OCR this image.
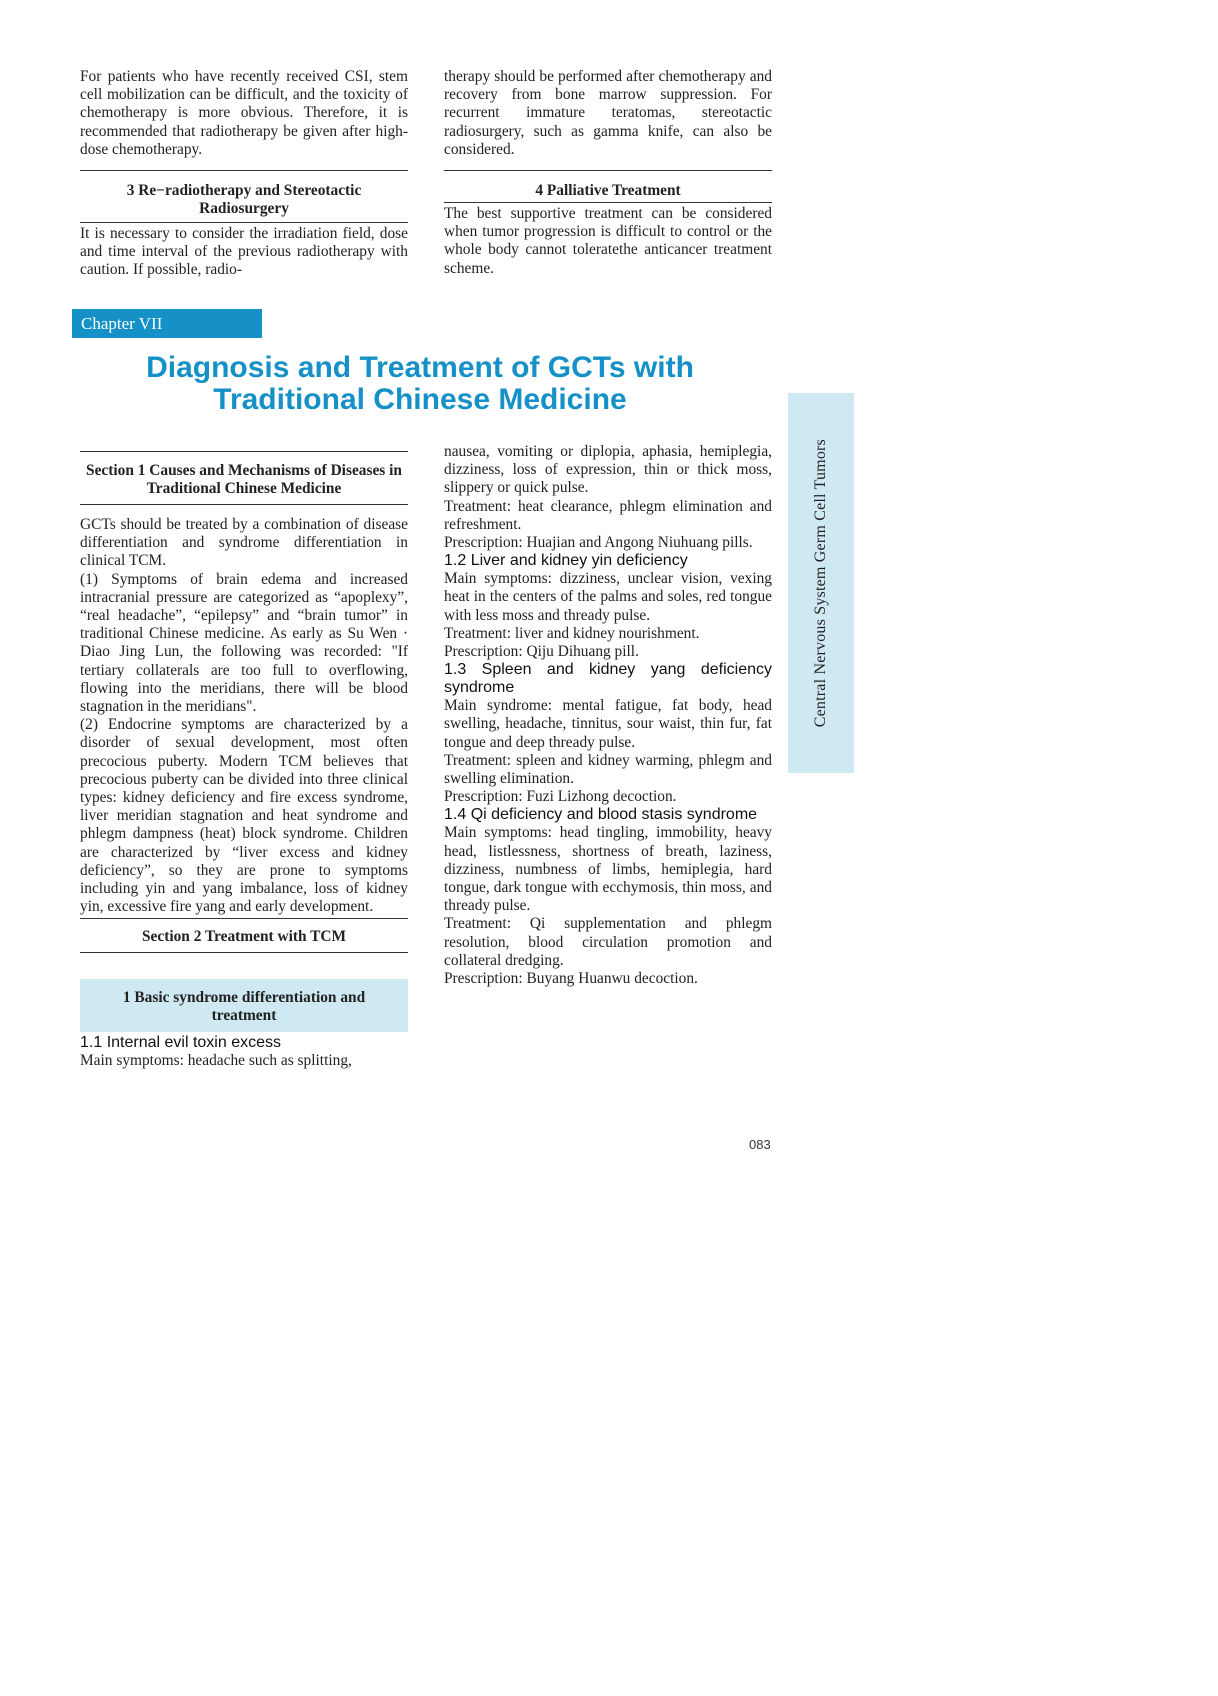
For patients who have recently received CSI, stem cell mobilization can be difficult, and the toxicity of chemotherapy is more obvious. Therefore, it is recommended that radiotherapy be given after high-dose chemotherapy.

3 Re−radiotherapy and Stereotactic Radiosurgery

It is necessary to consider the irradiation field, dose and time interval of the previous radiotherapy with caution. If possible, radio-

therapy should be performed after chemotherapy and recovery from bone marrow suppression. For recurrent immature teratomas, stereotactic radiosurgery, such as gamma knife, can also be considered.

4 Palliative Treatment

The best supportive treatment can be considered when tumor progression is difficult to control or the whole body cannot toleratethe anticancer treatment scheme.

Chapter VII
Diagnosis and Treatment of GCTs with
Traditional Chinese Medicine
Central Nervous System Germ Cell Tumors
Section 1 Causes and Mechanisms of Diseases in Traditional Chinese Medicine

GCTs should be treated by a combination of disease differentiation and syndrome differentiation in clinical TCM.

(1) Symptoms of brain edema and increased intracranial pressure are categorized as “apoplexy”, “real headache”, “epilepsy” and “brain tumor” in traditional Chinese medicine. As early as Su Wen · Diao Jing Lun, the following was recorded: "If tertiary collaterals are too full to overflowing, flowing into the meridians, there will be blood stagnation in the meridians".

(2) Endocrine symptoms are characterized by a disorder of sexual development, most often precocious puberty. Modern TCM believes that precocious puberty can be divided into three clinical types: kidney deficiency and fire excess syndrome, liver meridian stagnation and heat syndrome and phlegm dampness (heat) block syndrome. Children are characterized by “liver excess and kidney deficiency”, so they are prone to symptoms including yin and yang imbalance, loss of kidney yin, excessive fire yang and early development.

Section 2 Treatment with TCM
1 Basic syndrome differentiation and treatment
1.1 Internal evil toxin excess

Main symptoms: headache such as splitting,

nausea, vomiting or diplopia, aphasia, hemiplegia, dizziness, loss of expression, thin or thick moss, slippery or quick pulse.

Treatment: heat clearance, phlegm elimination and refreshment.

Prescription: Huajian and Angong Niuhuang pills.

1.2 Liver and kidney yin deficiency

Main symptoms: dizziness, unclear vision, vexing heat in the centers of the palms and soles, red tongue with less moss and thready pulse.

Treatment: liver and kidney nourishment.

Prescription: Qiju Dihuang pill.

1.3 Spleen and kidney yang deficiency syndrome

Main syndrome: mental fatigue, fat body, head swelling, headache, tinnitus, sour waist, thin fur, fat tongue and deep thready pulse.

Treatment: spleen and kidney warming, phlegm and swelling elimination.

Prescription: Fuzi Lizhong decoction.

1.4 Qi deficiency and blood stasis syndrome

Main symptoms: head tingling, immobility, heavy head, listlessness, shortness of breath, laziness, dizziness, numbness of limbs, hemiplegia, hard tongue, dark tongue with ecchymosis, thin moss, and thready pulse.

Treatment: Qi supplementation and phlegm resolution, blood circulation promotion and collateral dredging.

Prescription: Buyang Huanwu decoction.

083
